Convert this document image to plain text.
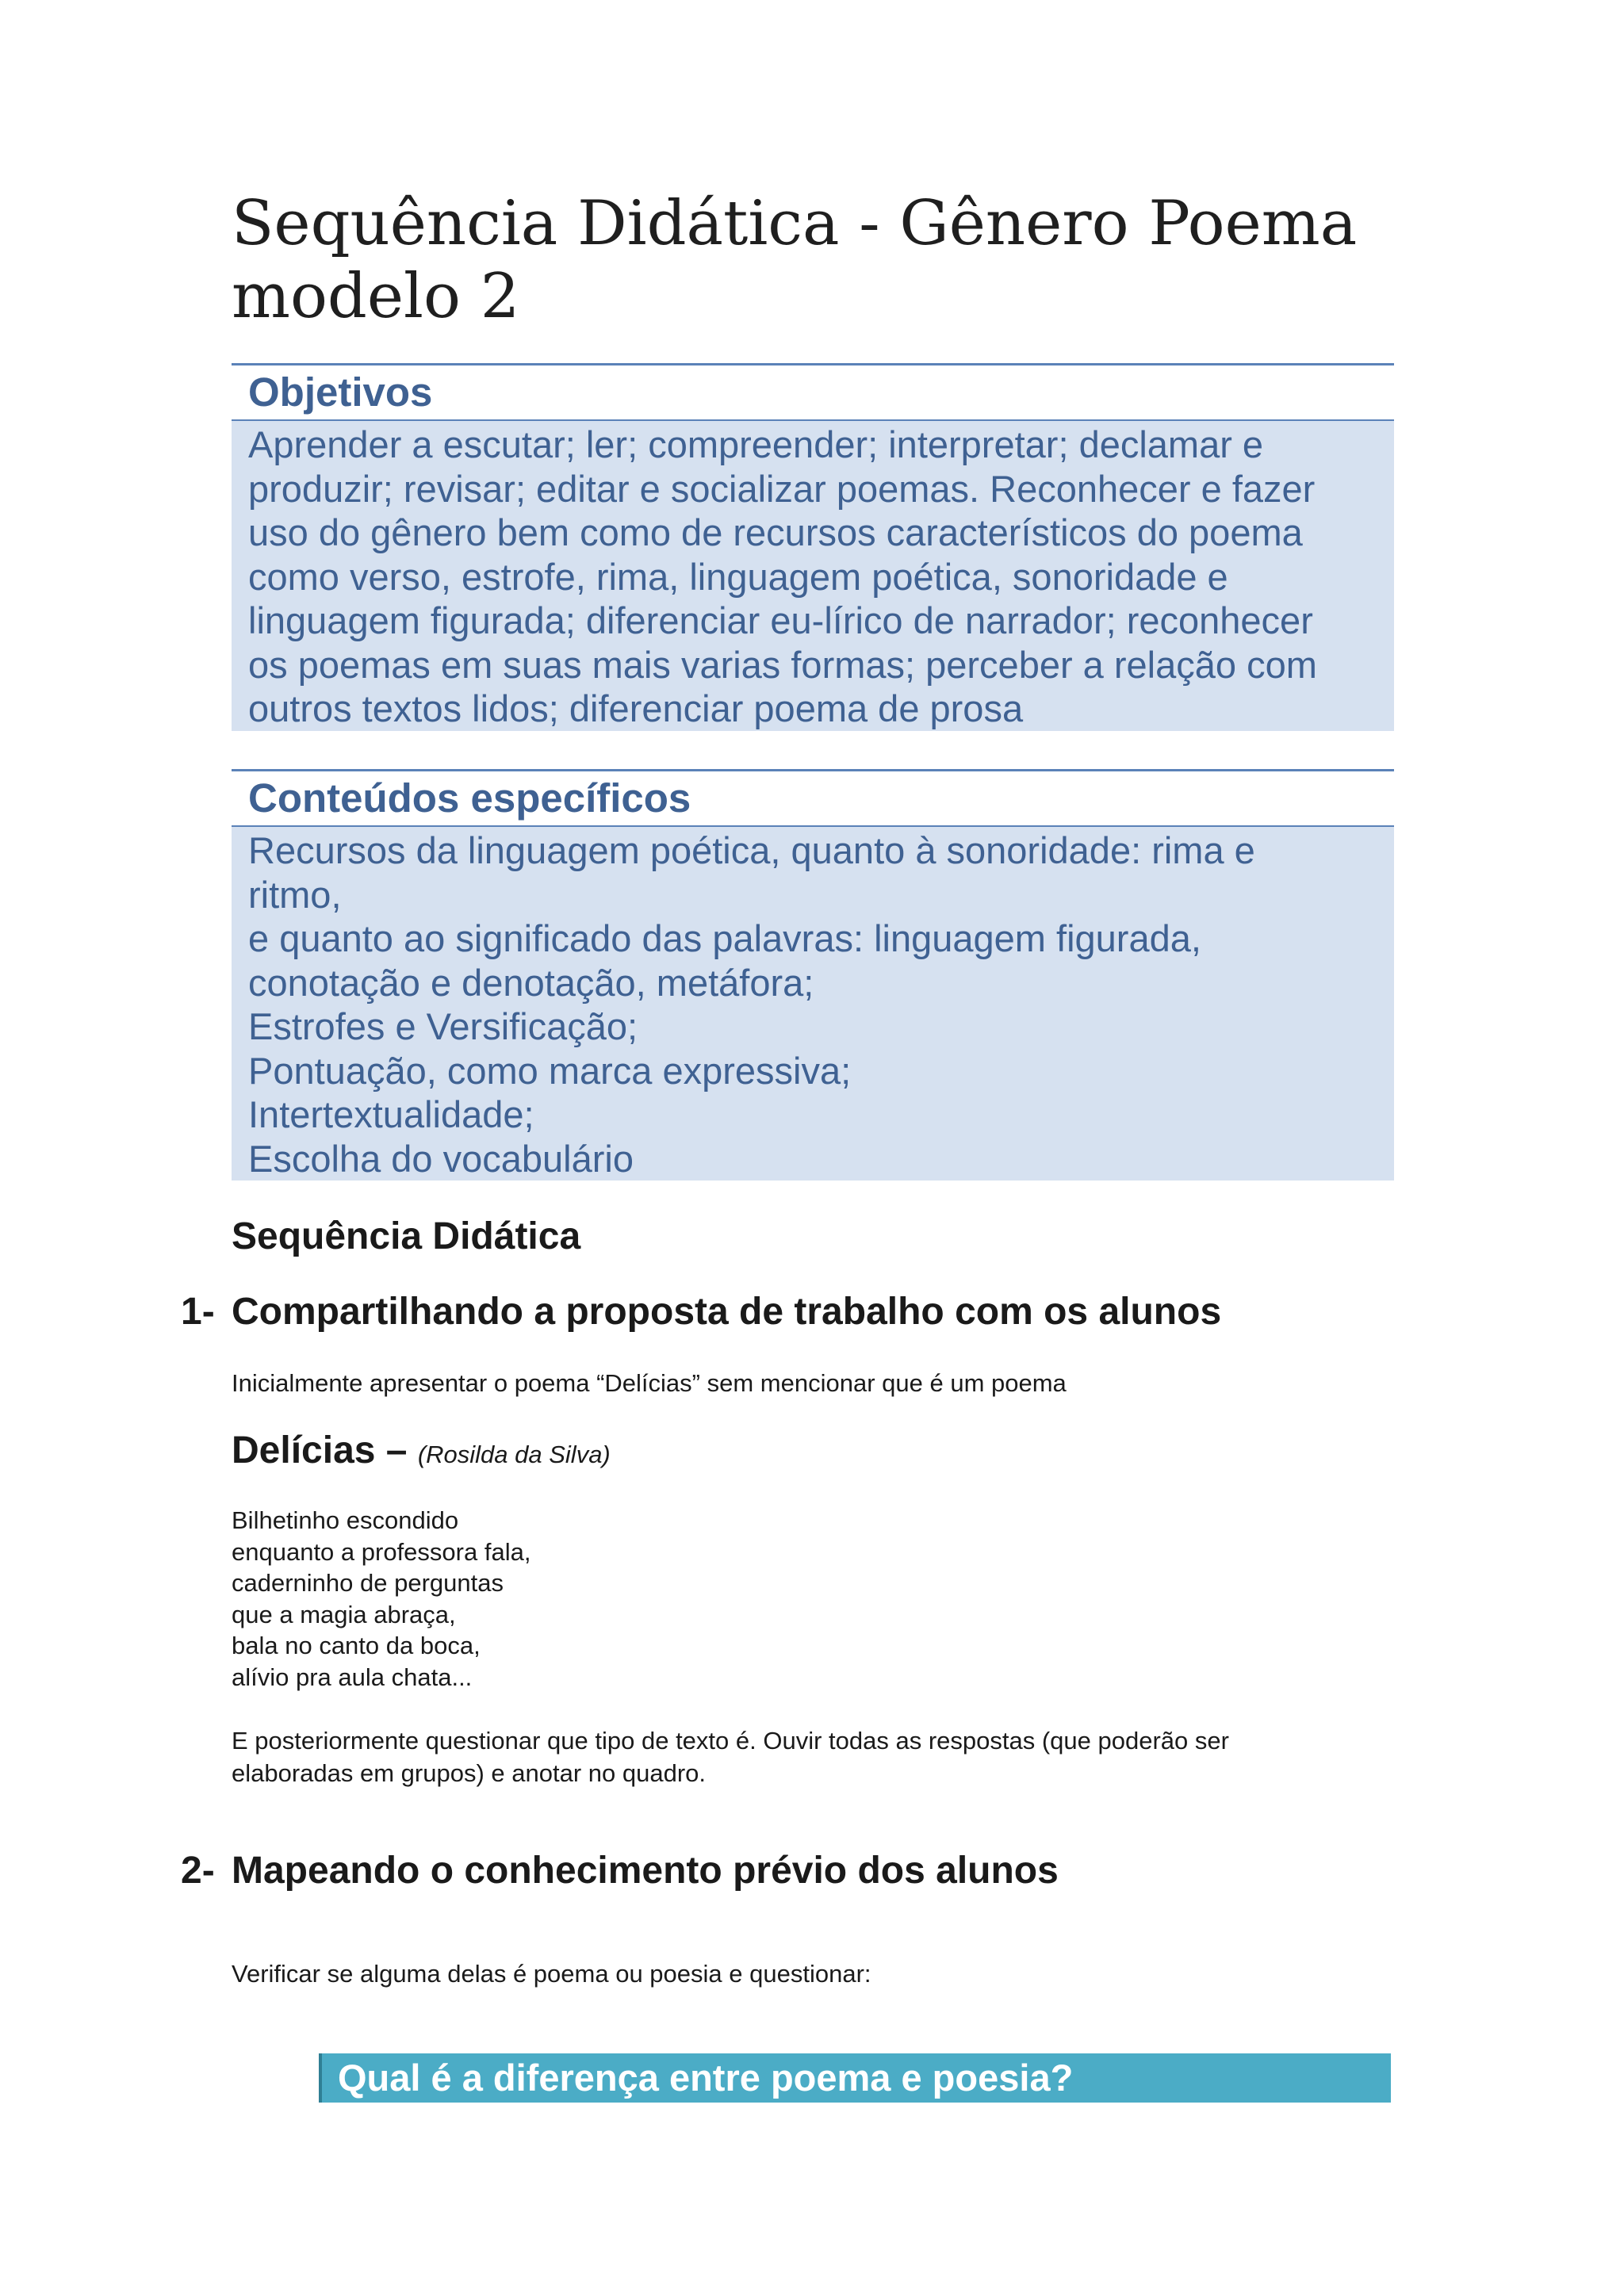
Sequência Didática - Gênero Poema
modelo 2
Objetivos
Aprender a escutar; ler; compreender; interpretar; declamar e
produzir; revisar; editar e socializar poemas. Reconhecer e fazer
uso do gênero bem como de recursos característicos do poema
como verso, estrofe, rima, linguagem poética, sonoridade e
linguagem figurada; diferenciar eu-lírico de narrador; reconhecer
os poemas em suas mais varias formas; perceber a relação com
outros textos lidos; diferenciar poema de prosa
Conteúdos específicos
Recursos da linguagem poética, quanto à sonoridade: rima e
ritmo,
e quanto ao significado das palavras: linguagem figurada,
conotação e denotação, metáfora;
Estrofes e Versificação;
Pontuação, como marca expressiva;
Intertextualidade;
Escolha do vocabulário
Sequência Didática
1- Compartilhando a proposta de trabalho com os alunos

Inicialmente apresentar o poema “Delícias” sem mencionar que é um poema

Delícias – (Rosilda da Silva)
Bilhetinho escondido
enquanto a professora fala,
caderninho de perguntas
que a magia abraça,
bala no canto da boca,
alívio pra aula chata...

E posteriormente questionar que tipo de texto é. Ouvir todas as respostas (que poderão ser
elaboradas em grupos) e anotar no quadro.

2- Mapeando o conhecimento prévio dos alunos

Verificar se alguma delas é poema ou poesia e questionar:

Qual é a diferença entre poema e poesia?
